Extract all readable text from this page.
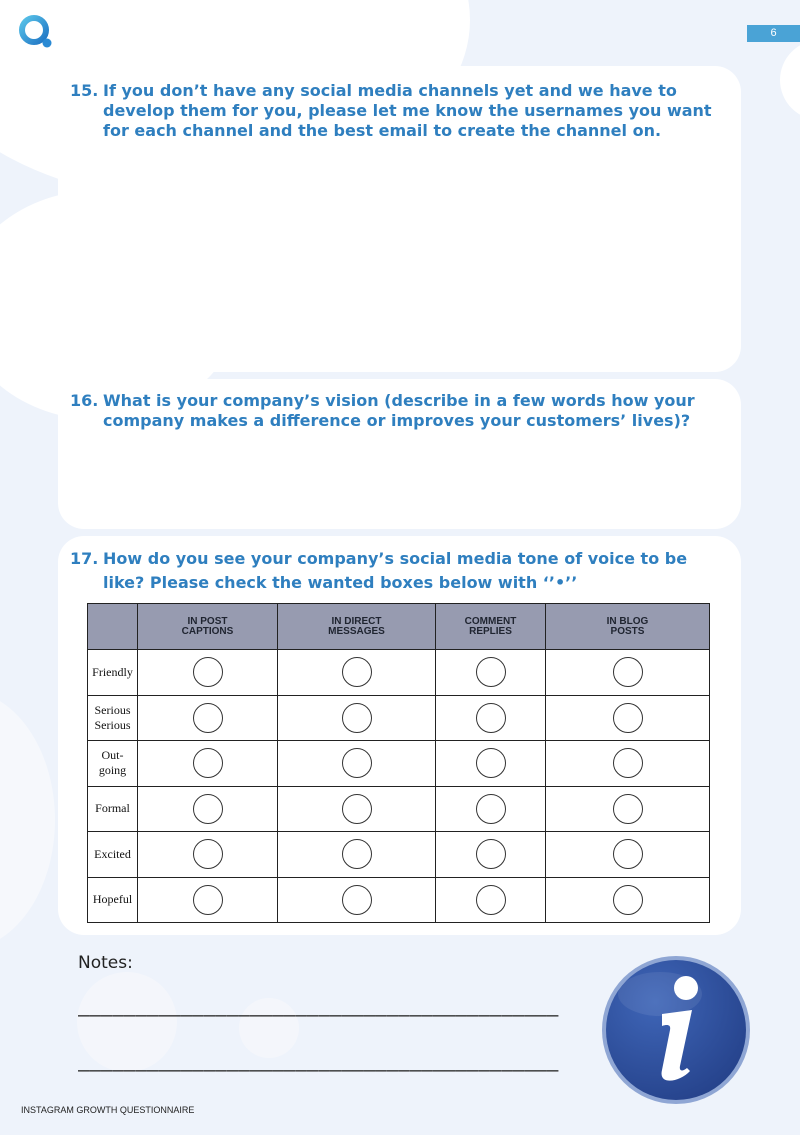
6
15. If you don’t have any social media channels yet and we have to develop them for you, please let me know the usernames you want for each channel and the best email to create the channel on.
16. What is your company’s vision (describe in a few words how your company makes a difference or improves your customers’ lives)?
17. How do you see your company’s social media tone of voice to be like? Please check the wanted boxes below with ‘’•’’
	IN POST CAPTIONS	IN DIRECT MESSAGES	COMMENT REPLIES	IN BLOG POSTS
Friendly				
Serious Serious				
Out-going				
Formal				
Excited				
Hopeful				
Notes:
––––––––––––––––––––––––––––––––––––––––––
––––––––––––––––––––––––––––––––––––––––––
INSTAGRAM GROWTH QUESTIONNAIRE
